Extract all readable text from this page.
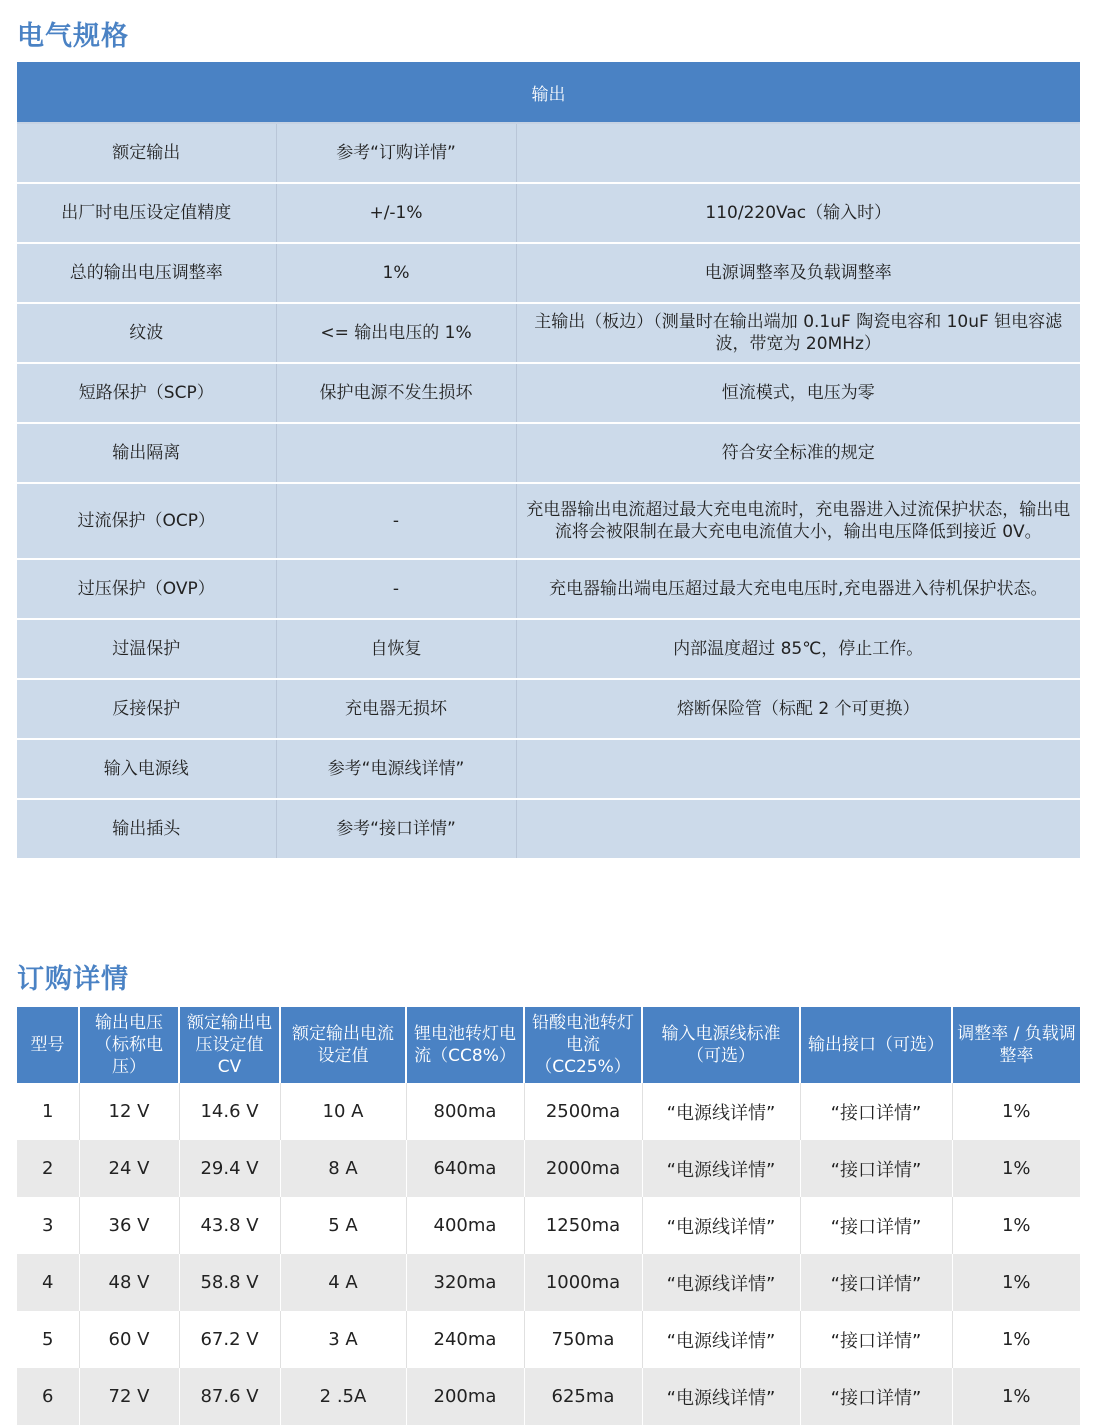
电气规格
输出		
额定输出	参考“订购详情”	
出厂时电压设定值精度	+/-1%	110/220Vac（输入时）
总的输出电压调整率	1%	电源调整率及负载调整率
纹波	<= 输出电压的 1%	主输出（板边）（测量时在输出端加 0.1uF 陶瓷电容和 10uF 钽电容滤波，带宽为 20MHz）
短路保护（SCP）	保护电源不发生损坏	恒流模式，电压为零
输出隔离		符合安全标准的规定
过流保护（OCP）	-	充电器输出电流超过最大充电电流时，充电器进入过流保护状态，输出电流将会被限制在最大充电电流值大小，输出电压降低到接近 0V。
过压保护（OVP）	-	充电器输出端电压超过最大充电电压时,充电器进入待机保护状态。
过温保护	自恢复	内部温度超过 85℃，停止工作。
反接保护	充电器无损坏	熔断保险管（标配 2 个可更换）
输入电源线	参考“电源线详情”	
输出插头	参考“接口详情”	
订购详情
型号	输出电压（标称电压）	额定输出电压设定值 CV	额定输出电流设定值	锂电池转灯电流（CC8%）	铅酸电池转灯电流（CC25%）	输入电源线标准（可选）	输出接口（可选）	调整率 / 负载调整率
1	12 V	14.6 V	10 A	800ma	2500ma	“电源线详情”	“接口详情”	1%
2	24 V	29.4 V	8 A	640ma	2000ma	“电源线详情”	“接口详情”	1%
3	36 V	43.8 V	5 A	400ma	1250ma	“电源线详情”	“接口详情”	1%
4	48 V	58.8 V	4 A	320ma	1000ma	“电源线详情”	“接口详情”	1%
5	60 V	67.2 V	3 A	240ma	750ma	“电源线详情”	“接口详情”	1%
6	72 V	87.6 V	2 .5A	200ma	625ma	“电源线详情”	“接口详情”	1%
